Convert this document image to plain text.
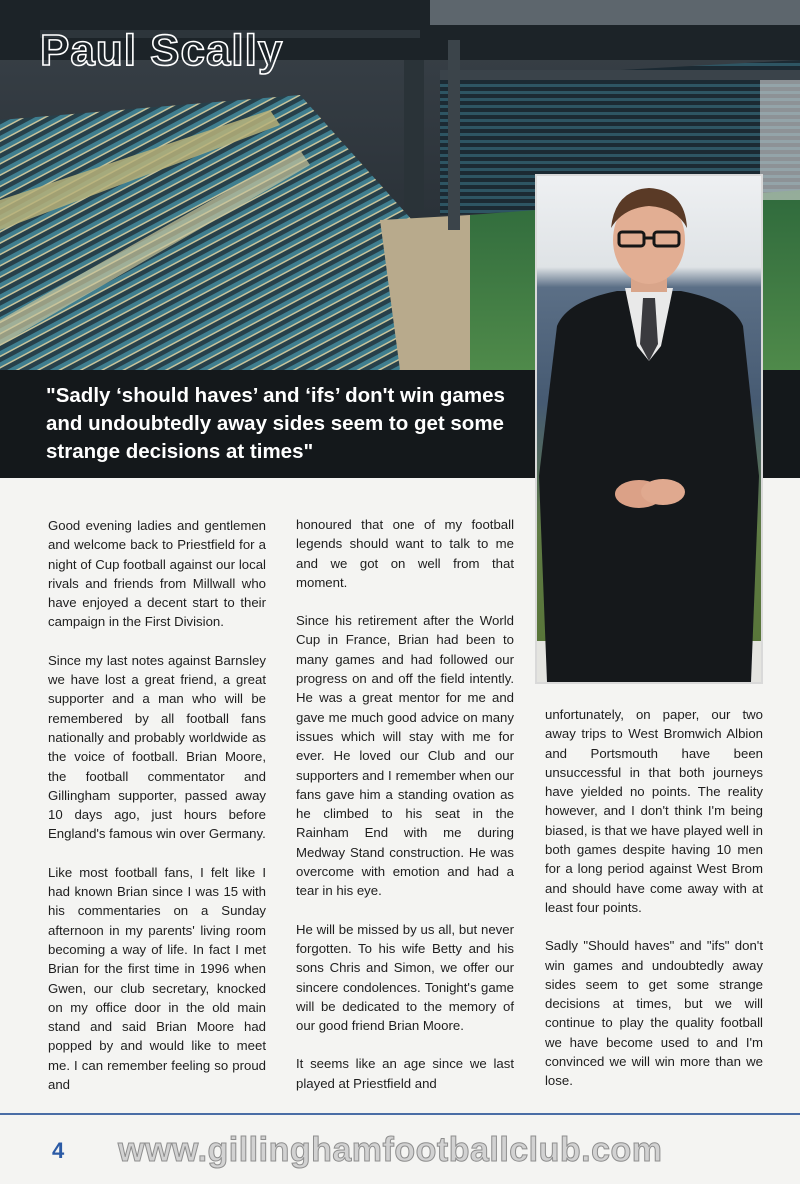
Paul Scally

"Sadly ‘should haves’ and ‘ifs’ don't win games and undoubtedly away sides seem to get some strange decisions at times"

Good evening ladies and gentlemen and welcome back to Priestfield for a night of Cup football against our local rivals and friends from Millwall who have enjoyed a decent start to their campaign in the First Division.

Since my last notes against Barnsley we have lost a great friend, a great supporter and a man who will be remembered by all football fans nationally and probably worldwide as the voice of football. Brian Moore, the football commentator and Gillingham supporter, passed away 10 days ago, just hours before England's famous win over Germany.

Like most football fans, I felt like I had known Brian since I was 15 with his commentaries on a Sunday afternoon in my parents' living room becoming a way of life. In fact I met Brian for the first time in 1996 when Gwen, our club secretary, knocked on my office door in the old main stand and said Brian Moore had popped by and would like to meet me. I can remember feeling so proud and

honoured that one of my football legends should want to talk to me and we got on well from that moment.

Since his retirement after the World Cup in France, Brian had been to many games and had followed our progress on and off the field intently. He was a great mentor for me and gave me much good advice on many issues which will stay with me for ever. He loved our Club and our supporters and I remember when our fans gave him a standing ovation as he climbed to his seat in the Rainham End with me during Medway Stand construction. He was overcome with emotion and had a tear in his eye.

He will be missed by us all, but never forgotten. To his wife Betty and his sons Chris and Simon, we offer our sincere condolences. Tonight's game will be dedicated to the memory of our good friend Brian Moore.

It seems like an age since we last played at Priestfield and

unfortunately, on paper, our two away trips to West Bromwich Albion and Portsmouth have been unsuccessful in that both journeys have yielded no points. The reality however, and I don't think I'm being biased, is that we have played well in both games despite having 10 men for a long period against West Brom and should have come away with at least four points.

Sadly "Should haves" and "ifs" don't win games and undoubtedly away sides seem to get some strange decisions at times, but we will continue to play the quality football we have become used to and I'm convinced we will win more than we lose.

4 www.gillinghamfootballclub.com
